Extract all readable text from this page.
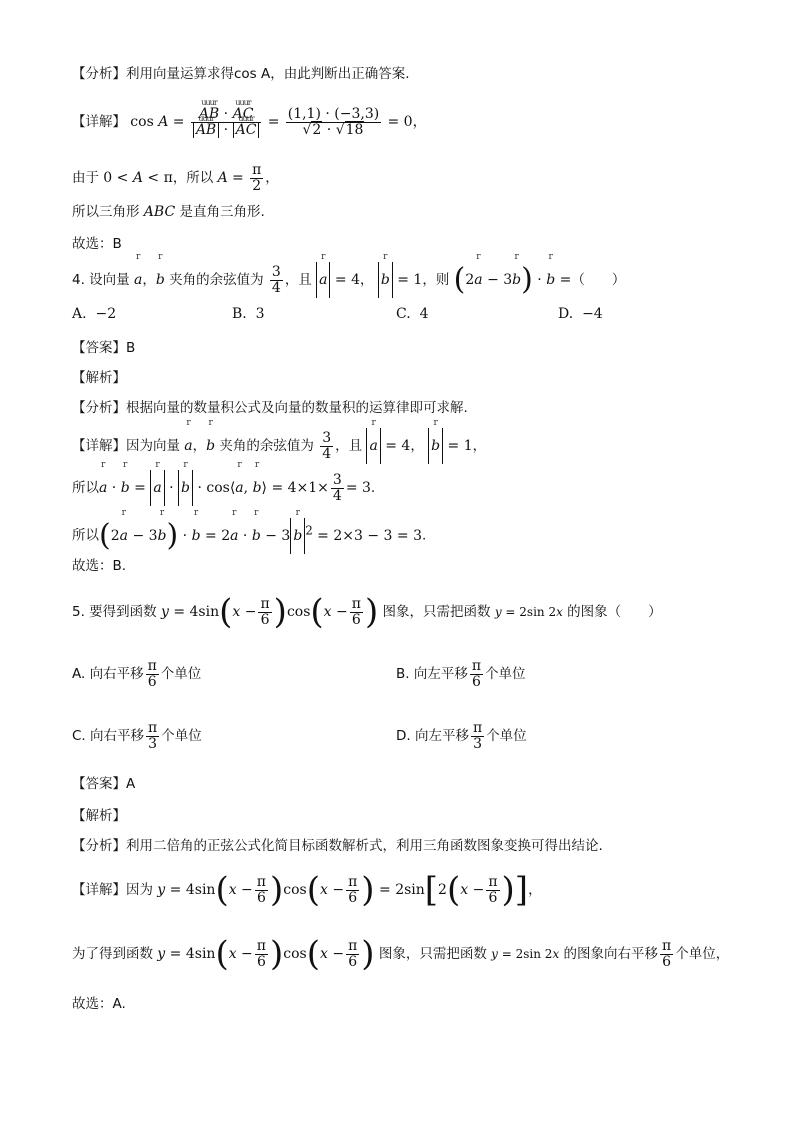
【分析】利用向量运算求得cos A，由此判断出正确答案.
【详解】 cos A = uuur AB · uuur AC
uuur AB · uuur AC = $\frac{(1,1) \cdot (-3,3)}{√2 \cdot √18} = 0$，
由于 0 < A < π，所以 $A = \frac{\pi}{2}$ ，
所以三角形 ABC 是直角三角形.
故选：B
4. 设向量 r a，r b 夹角的余弦值为 $\frac{3}{4}$ ，且 r a = 4， r b = 1，则 (2r a − 3r b) · r b =（　　）
A.  −2	B.  3	C.  4	D.  −4
【答案】B
【解析】
【分析】根据向量的数量积公式及向量的数量积的运算律即可求解.
【详解】因为向量 r a，r b 夹角的余弦值为 $\frac{3}{4}$ ，且 r a = 4， r b = 1，
所以r a · r b = r a · r b · cos⟨r a, r b⟩ = $4\times 1\times \frac{3}{4} = 3$.
所以(2r a − 3r b) · r b = 2r a · r b − 3 r b $^2$ = 2×3 − 3 = 3.
故选：B.
5. 要得到函数 $y = 4\sin(x - \frac{\pi}{6} )\cos(x - \frac{\pi}{6}$ ) 图象，只需把函数 y = 2sin 2x 的图象（　　）
A. 向右平移 $\frac{\pi}{6}$ 个单位	B. 向左平移 $\frac{\pi}{6}$ 个单位
C. 向右平移 $\frac{\pi}{3}$ 个单位	D. 向左平移 $\frac{\pi}{3}$ 个单位
【答案】A
【解析】
【分析】利用二倍角的正弦公式化简目标函数解析式，利用三角函数图象变换可得出结论.
【详解】因为 $y = 4\sin(x - \frac{\pi}{6} )\cos(x - \frac{\pi}{6}$ ) = $2\sin[2(x - \frac{\pi}{6}$ )]，
为了得到函数 $y = 4\sin(x - \frac{\pi}{6} )\cos(x - \frac{\pi}{6}$ ) 图象，只需把函数 y = 2sin 2x 的图象向右平移 $\frac{\pi}{6}$ 个单位，
故选：A.
